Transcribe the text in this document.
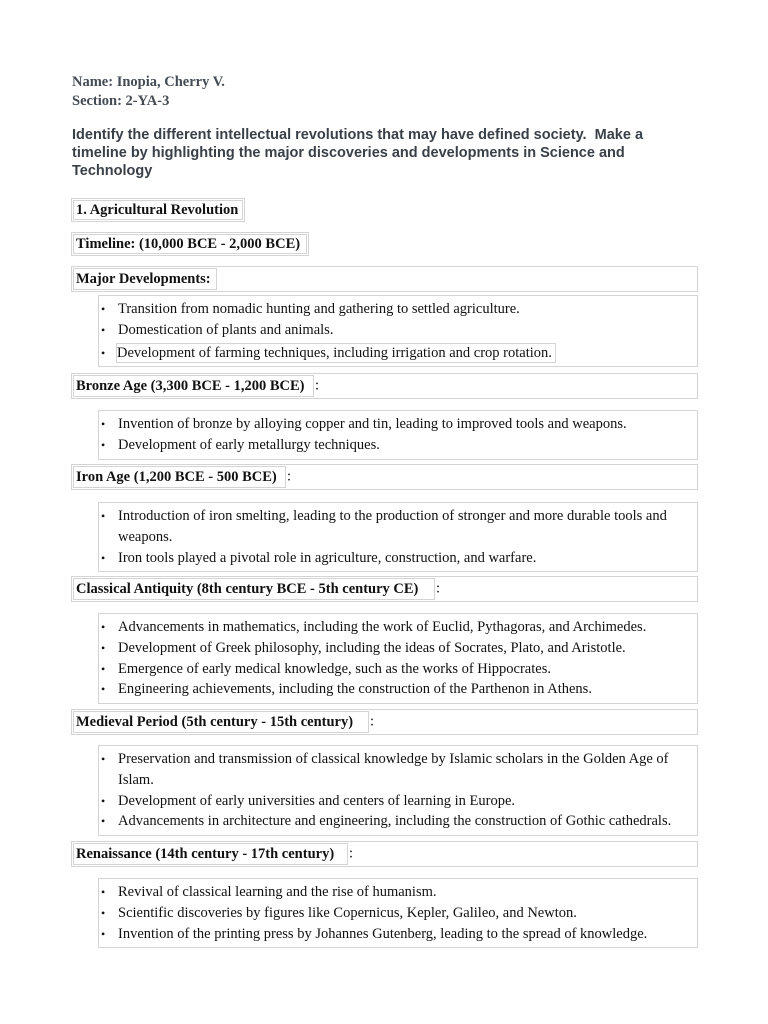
Name: Inopia, Cherry V.
Section: 2-YA-3
Identify the different intellectual revolutions that may have defined society.  Make a timeline by highlighting the major discoveries and developments in Science and Technology
1. Agricultural Revolution
Timeline: (10,000 BCE - 2,000 BCE)
Major Developments:
• Transition from nomadic hunting and gathering to settled agriculture.
• Domestication of plants and animals.
• Development of farming techniques, including irrigation and crop rotation.
Bronze Age (3,300 BCE - 1,200 BCE) :
• Invention of bronze by alloying copper and tin, leading to improved tools and weapons.
• Development of early metallurgy techniques.
Iron Age (1,200 BCE - 500 BCE) :
• Introduction of iron smelting, leading to the production of stronger and more durable tools and weapons.
• Iron tools played a pivotal role in agriculture, construction, and warfare.
Classical Antiquity (8th century BCE - 5th century CE)	:
• Advancements in mathematics, including the work of Euclid, Pythagoras, and Archimedes.
• Development of Greek philosophy, including the ideas of Socrates, Plato, and Aristotle.
• Emergence of early medical knowledge, such as the works of Hippocrates.
• Engineering achievements, including the construction of the Parthenon in Athens.
Medieval Period (5th century - 15th century)	:
• Preservation and transmission of classical knowledge by Islamic scholars in the Golden Age of Islam.
• Development of early universities and centers of learning in Europe.
• Advancements in architecture and engineering, including the construction of Gothic cathedrals.
Renaissance (14th century - 17th century)	:
• Revival of classical learning and the rise of humanism.
• Scientific discoveries by figures like Copernicus, Kepler, Galileo, and Newton.
• Invention of the printing press by Johannes Gutenberg, leading to the spread of knowledge.
